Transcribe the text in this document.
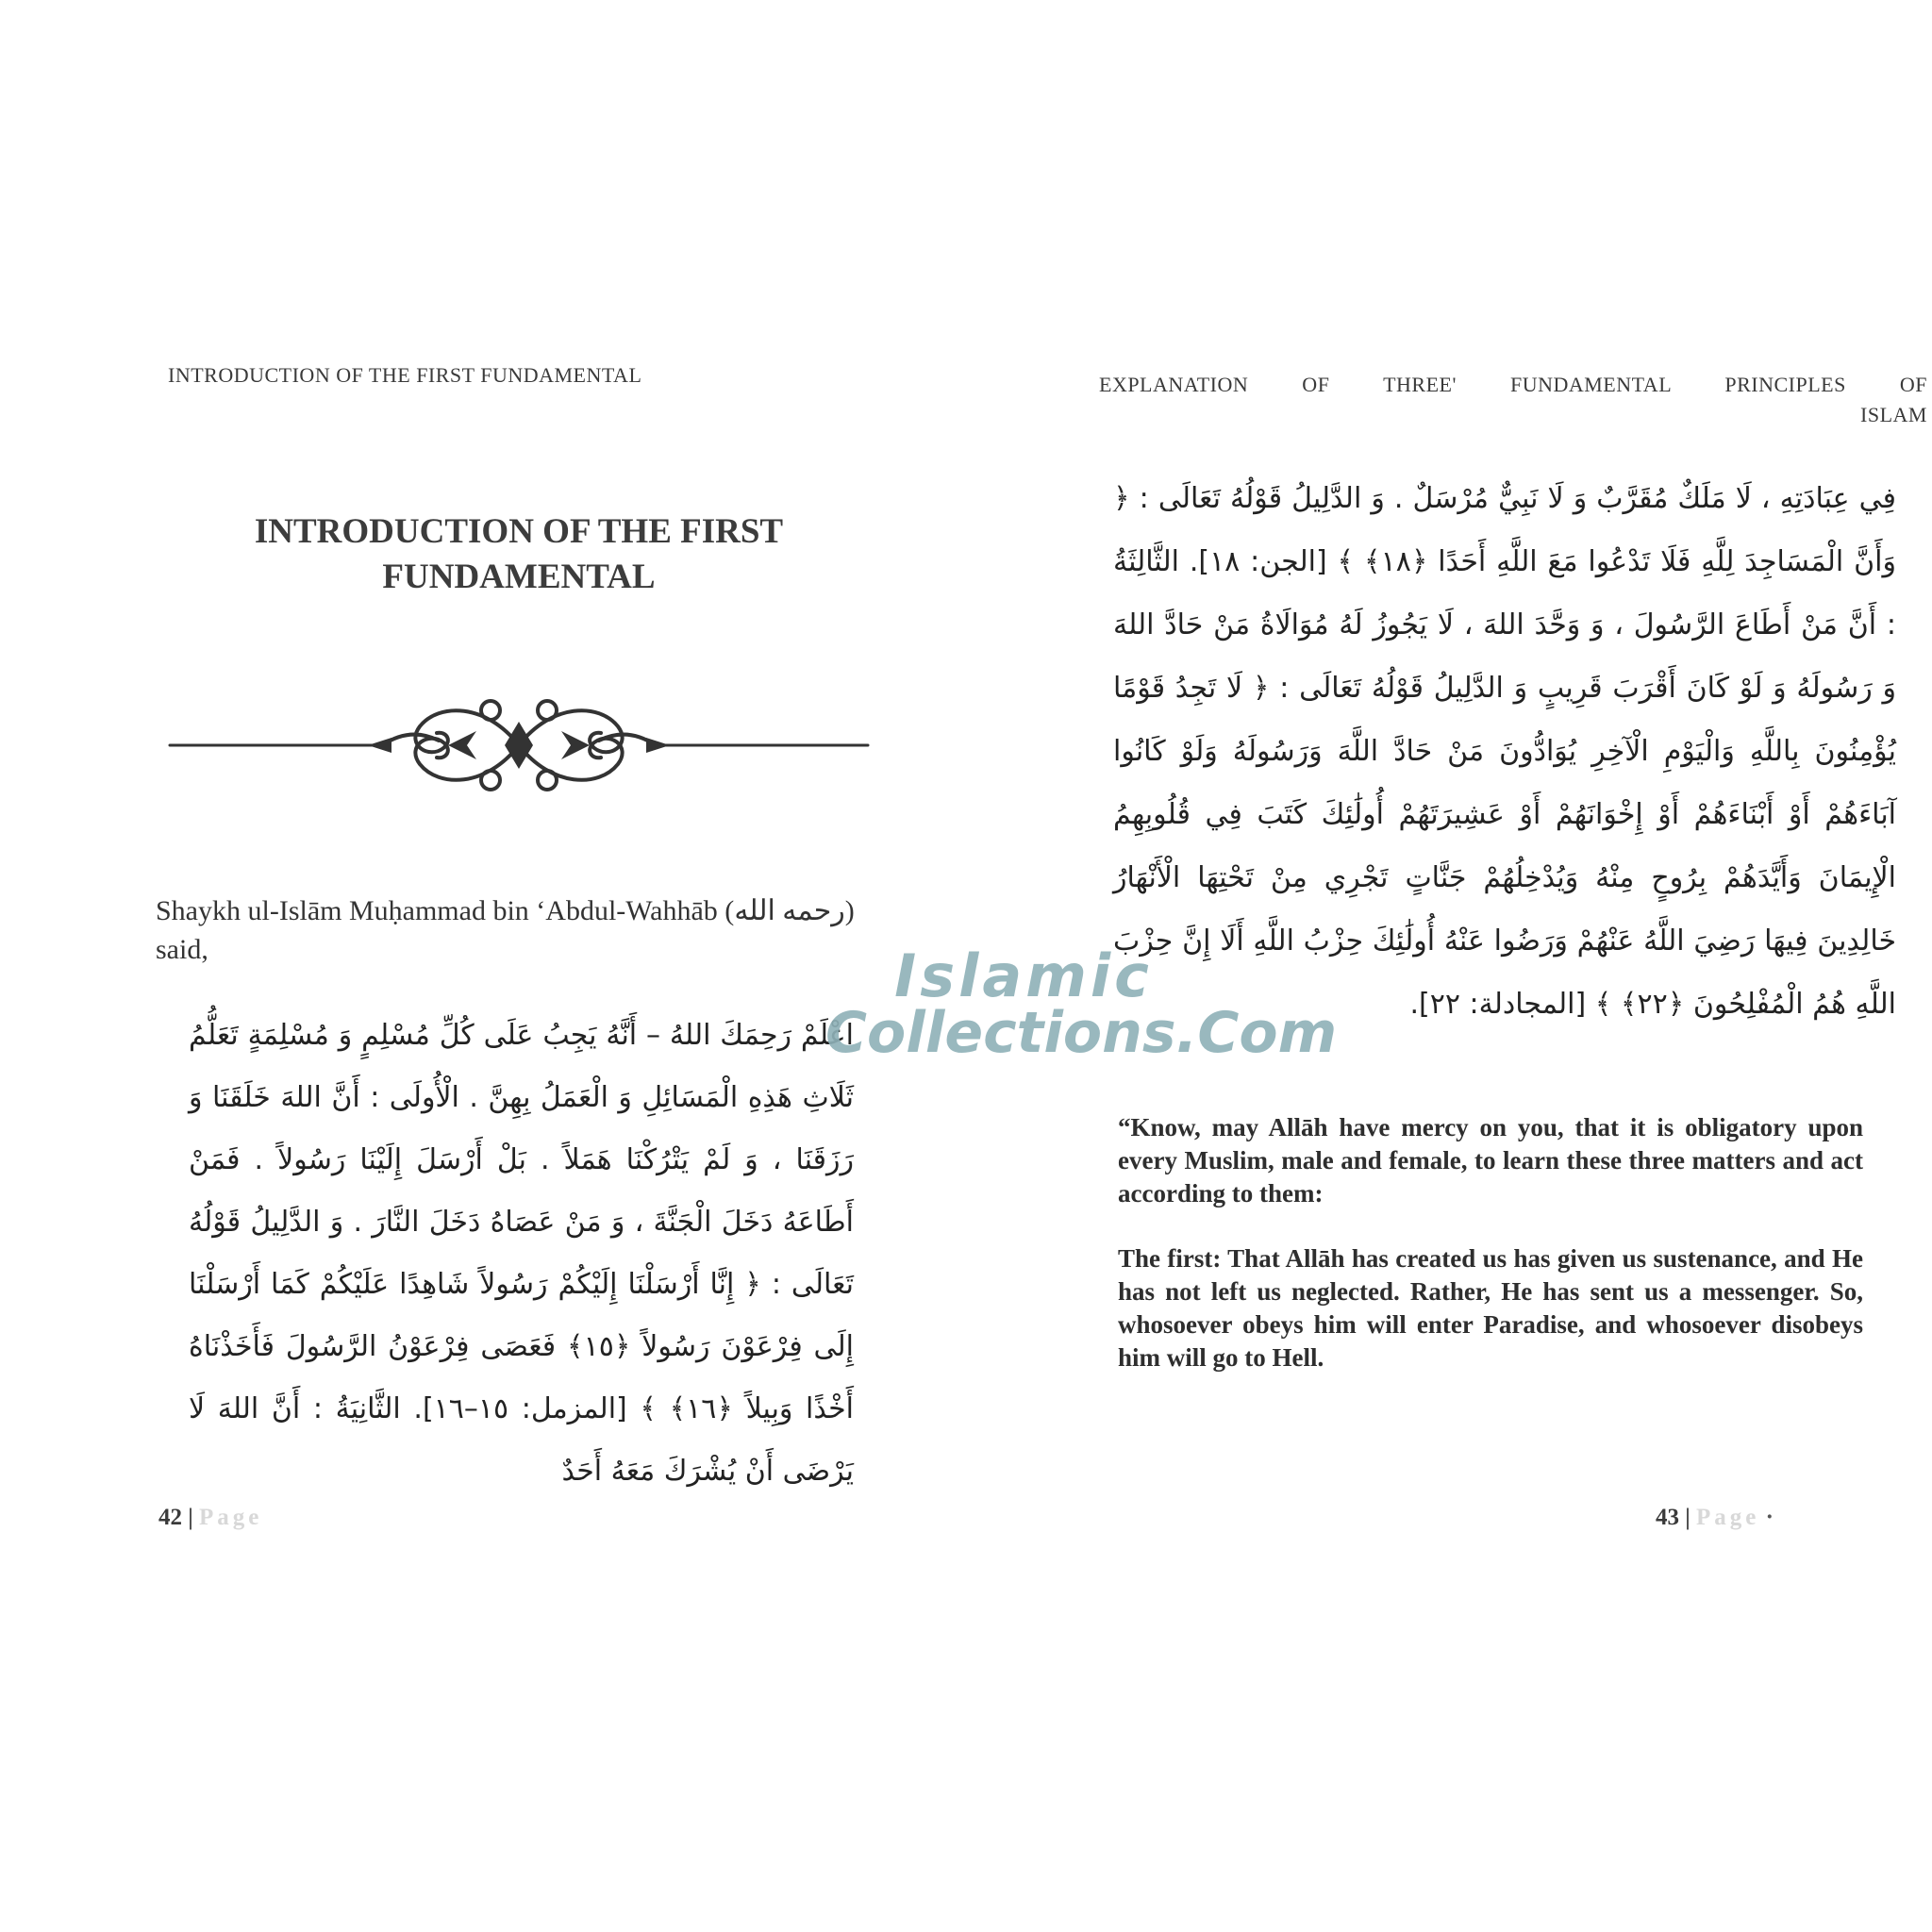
INTRODUCTION OF THE FIRST FUNDAMENTAL
INTRODUCTION OF THE FIRST FUNDAMENTAL
Shaykh ul-Islām Muḥammad bin ‘Abdul-Wahhāb (رحمه الله) said,
اعْلَمْ رَحِمَكَ اللهُ – أَنَّهُ يَجِبُ عَلَى كُلِّ مُسْلِمٍ وَ مُسْلِمَةٍ تَعَلُّمُ ثَلَاثِ هَذِهِ الْمَسَائِلِ وَ الْعَمَلُ بِهِنَّ . الْأُولَى : أَنَّ اللهَ خَلَقَنَا وَ رَزَقَنَا ، وَ لَمْ يَتْرُكْنَا هَمَلاً . بَلْ أَرْسَلَ إِلَيْنَا رَسُولاً . فَمَنْ أَطَاعَهُ دَخَلَ الْجَنَّةَ ، وَ مَنْ عَصَاهُ دَخَلَ النَّارَ . وَ الدَّلِيلُ قَوْلُهُ تَعَالَى : ﴿ إِنَّا أَرْسَلْنَا إِلَيْكُمْ رَسُولاً شَاهِدًا عَلَيْكُمْ كَمَا أَرْسَلْنَا إِلَى فِرْعَوْنَ رَسُولاً ﴿١٥﴾ فَعَصَى فِرْعَوْنُ الرَّسُولَ فَأَخَذْنَاهُ أَخْذًا وَبِيلاً ﴿١٦﴾ ﴾ [المزمل: ١٥–١٦]. الثَّانِيَةُ : أَنَّ اللهَ لَا يَرْضَى أَنْ يُشْرَكَ مَعَهُ أَحَدٌ
42 | Page
EXPLANATION OF THREE' FUNDAMENTAL PRINCIPLES OF
ISLAM
فِي عِبَادَتِهِ ، لَا مَلَكٌ مُقَرَّبٌ وَ لَا نَبِيٌّ مُرْسَلٌ . وَ الدَّلِيلُ قَوْلُهُ تَعَالَى : ﴿ وَأَنَّ الْمَسَاجِدَ لِلَّهِ فَلَا تَدْعُوا مَعَ اللَّهِ أَحَدًا ﴿١٨﴾ ﴾ [الجن: ١٨]. الثَّالِثَةُ : أَنَّ مَنْ أَطَاعَ الرَّسُولَ ، وَ وَحَّدَ اللهَ ، لَا يَجُوزُ لَهُ مُوَالَاةُ مَنْ حَادَّ اللهَ وَ رَسُولَهُ وَ لَوْ كَانَ أَقْرَبَ قَرِيبٍ وَ الدَّلِيلُ قَوْلُهُ تَعَالَى : ﴿ لَا تَجِدُ قَوْمًا يُؤْمِنُونَ بِاللَّهِ وَالْيَوْمِ الْآخِرِ يُوَادُّونَ مَنْ حَادَّ اللَّهَ وَرَسُولَهُ وَلَوْ كَانُوا آبَاءَهُمْ أَوْ أَبْنَاءَهُمْ أَوْ إِخْوَانَهُمْ أَوْ عَشِيرَتَهُمْ أُولَٰئِكَ كَتَبَ فِي قُلُوبِهِمُ الْإِيمَانَ وَأَيَّدَهُمْ بِرُوحٍ مِنْهُ وَيُدْخِلُهُمْ جَنَّاتٍ تَجْرِي مِنْ تَحْتِهَا الْأَنْهَارُ خَالِدِينَ فِيهَا رَضِيَ اللَّهُ عَنْهُمْ وَرَضُوا عَنْهُ أُولَٰئِكَ حِزْبُ اللَّهِ أَلَا إِنَّ حِزْبَ اللَّهِ هُمُ الْمُفْلِحُونَ ﴿٢٢﴾ ﴾ [المجادلة: ٢٢].
“Know, may Allāh have mercy on you, that it is obligatory upon every Muslim, male and female, to learn these three matters and act according to them:
The first: That Allāh has created us has given us sustenance, and He has not left us neglected. Rather, He has sent us a messenger. So, whosoever obeys him will enter Paradise, and whosoever disobeys him will go to Hell.
43 | Page ·
Islamic
Collections.Com
